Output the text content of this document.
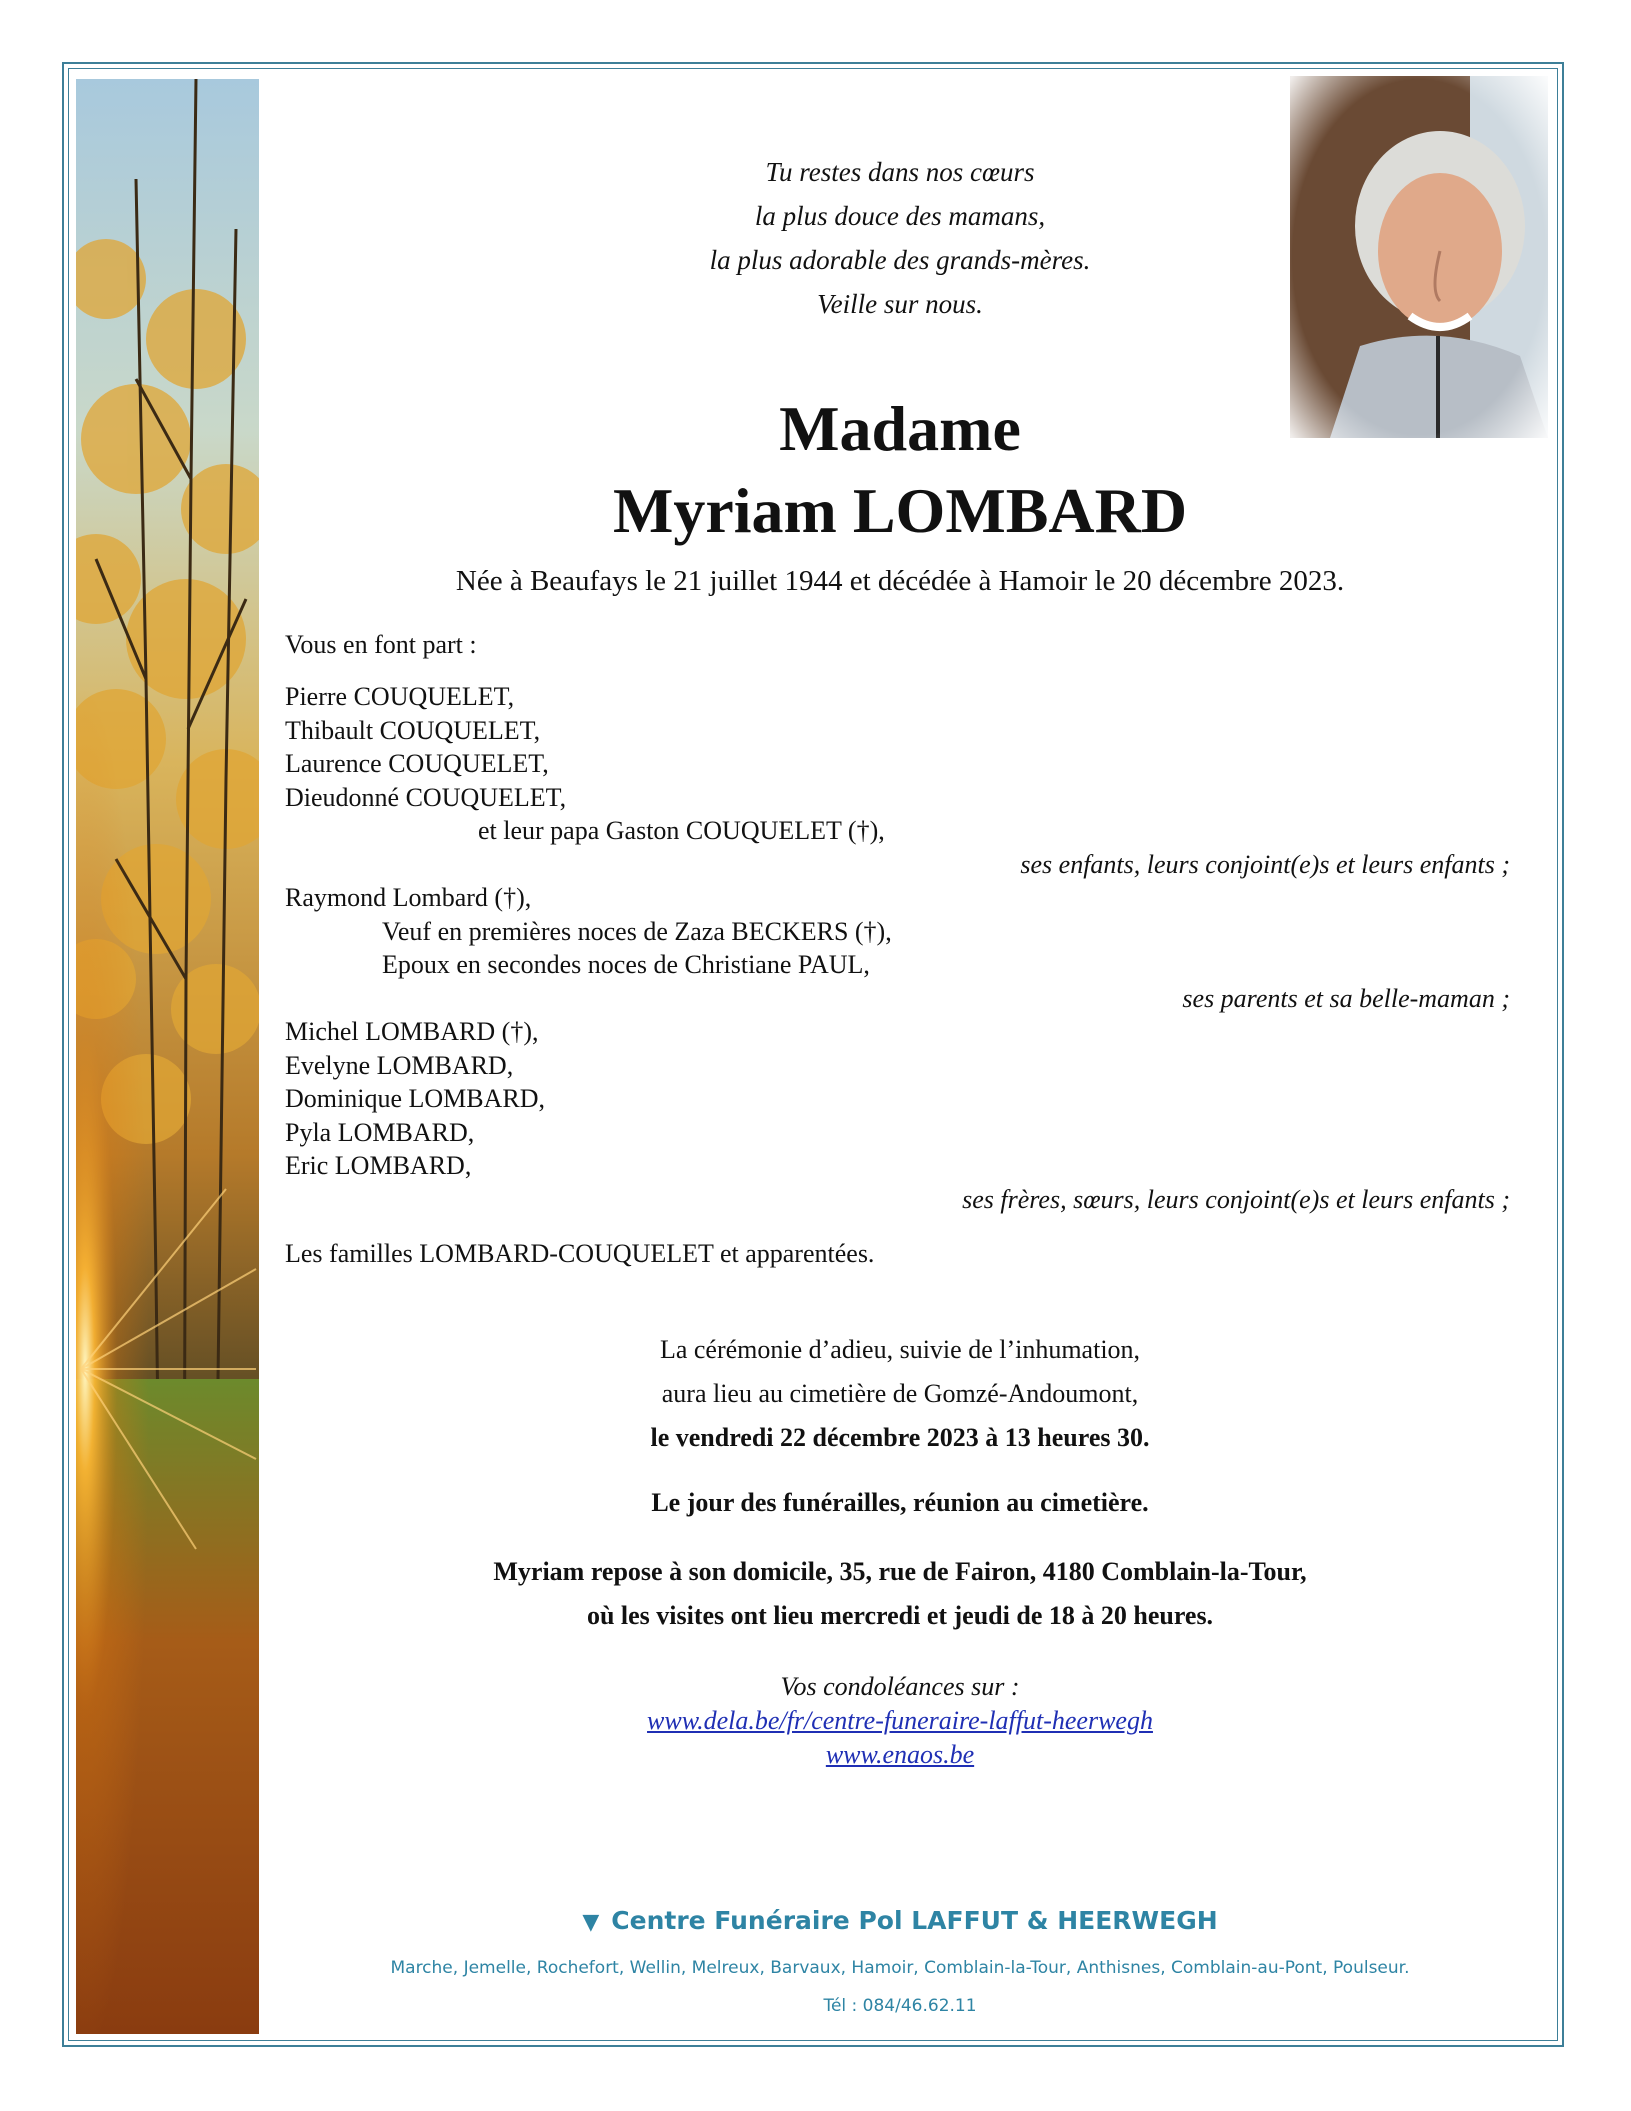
Tu restes dans nos cœurs
la plus douce des mamans,
la plus adorable des grands-mères.
Veille sur nous.
Madame
Myriam LOMBARD
Née à Beaufays le 21 juillet 1944 et décédée à Hamoir le 20 décembre 2023.
Vous en font part :
Pierre COUQUELET,
Thibault COUQUELET,
Laurence COUQUELET,
Dieudonné COUQUELET,
et leur papa Gaston COUQUELET (†),
ses enfants, leurs conjoint(e)s et leurs enfants ;
Raymond Lombard (†),
Veuf en premières noces de Zaza BECKERS (†),
Epoux en secondes noces de Christiane PAUL,
ses parents et sa belle-maman ;
Michel LOMBARD (†),
Evelyne LOMBARD,
Dominique LOMBARD,
Pyla LOMBARD,
Eric LOMBARD,
ses frères, sœurs, leurs conjoint(e)s et leurs enfants ;
Les familles LOMBARD-COUQUELET et apparentées.
La cérémonie d’adieu, suivie de l’inhumation,
aura lieu au cimetière de Gomzé-Andoumont,
le vendredi 22 décembre 2023 à 13 heures 30.
Le jour des funérailles, réunion au cimetière.
Myriam repose à son domicile, 35, rue de Fairon, 4180 Comblain-la-Tour,
où les visites ont lieu mercredi et jeudi de 18 à 20 heures.
Vos condoléances sur :
www.dela.be/fr/centre-funeraire-laffut-heerwegh
www.enaos.be
▼ Centre Funéraire Pol LAFFUT & HEERWEGH
Marche, Jemelle, Rochefort, Wellin, Melreux, Barvaux, Hamoir, Comblain-la-Tour, Anthisnes, Comblain-au-Pont, Poulseur.
Tél : 084/46.62.11
